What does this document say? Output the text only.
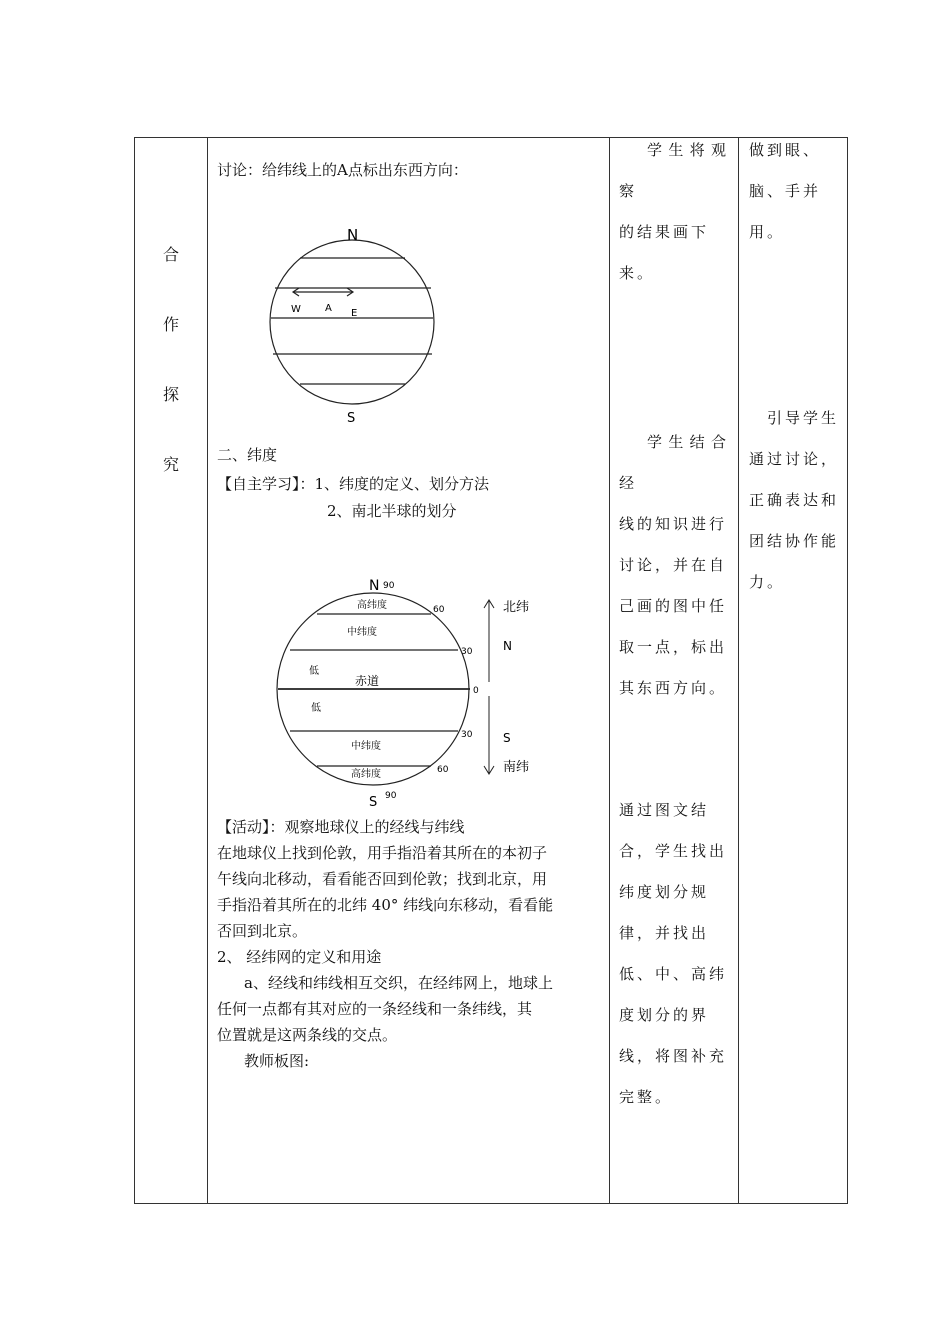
合
作
探
究
讨论：给纬线上的A点标出东西方向：
N
S
W A E
二、纬度
【自主学习】：1、纬度的定义、划分方法
2、南北半球的划分
N
S
90
60
30
0
30
60
90
高纬度
中纬度
低
赤道
低
中纬度
高纬度
北纬
N
S
南纬

【活动】：观察地球仪上的经线与纬线

在地球仪上找到伦敦，用手指沿着其所在的本初子

午线向北移动，看看能否回到伦敦；找到北京，用

手指沿着其所在的北纬 40° 纬线向东移动，看看能

否回到北京。

2、 经纬网的定义和用途

a、经线和纬线相互交织，在经纬网上，地球上

任何一点都有其对应的一条经线和一条纬线，其

位置就是这两条线的交点。

教师板图:

学生将观察
的结果画下
来。
学生结合经
线的知识进行
讨论，并在自
己画的图中任
取一点，标出
其东西方向。
通过图文结
合，学生找出
纬度划分规
律，并找出
低、中、高纬
度划分的界
线，将图补充
完整。
做到眼、
脑、手并
用。
引导学生
通过讨论，
正确表达和
团结协作能
力。
